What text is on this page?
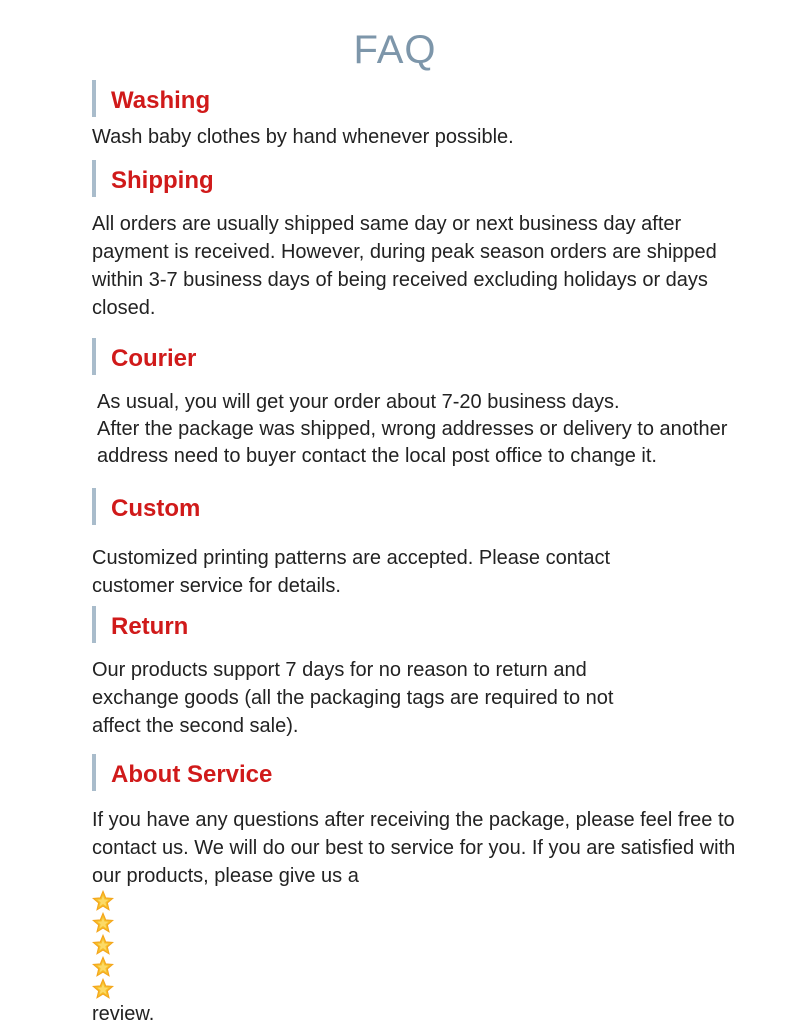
FAQ
Washing
Wash baby clothes by hand whenever possible.
Shipping
All orders are usually shipped same day or next business day after
payment is received. However, during peak season orders are shipped
within 3-7 business days of being received excluding holidays or days
closed.
Courier
As usual, you will get your order about 7-20 business days.
After the package was shipped, wrong addresses or delivery to another
address need to buyer contact the local post office to change it.
Custom
Customized printing patterns are accepted. Please contact
customer service for details.
Return
Our products support 7 days for no reason to return and
exchange goods (all the packaging tags are required to not
affect the second sale).
About Service
If you have any questions after receiving the package, please feel free to
contact us. We will do our best to service for you. If you are satisfied with
our products, please give us a
review.
